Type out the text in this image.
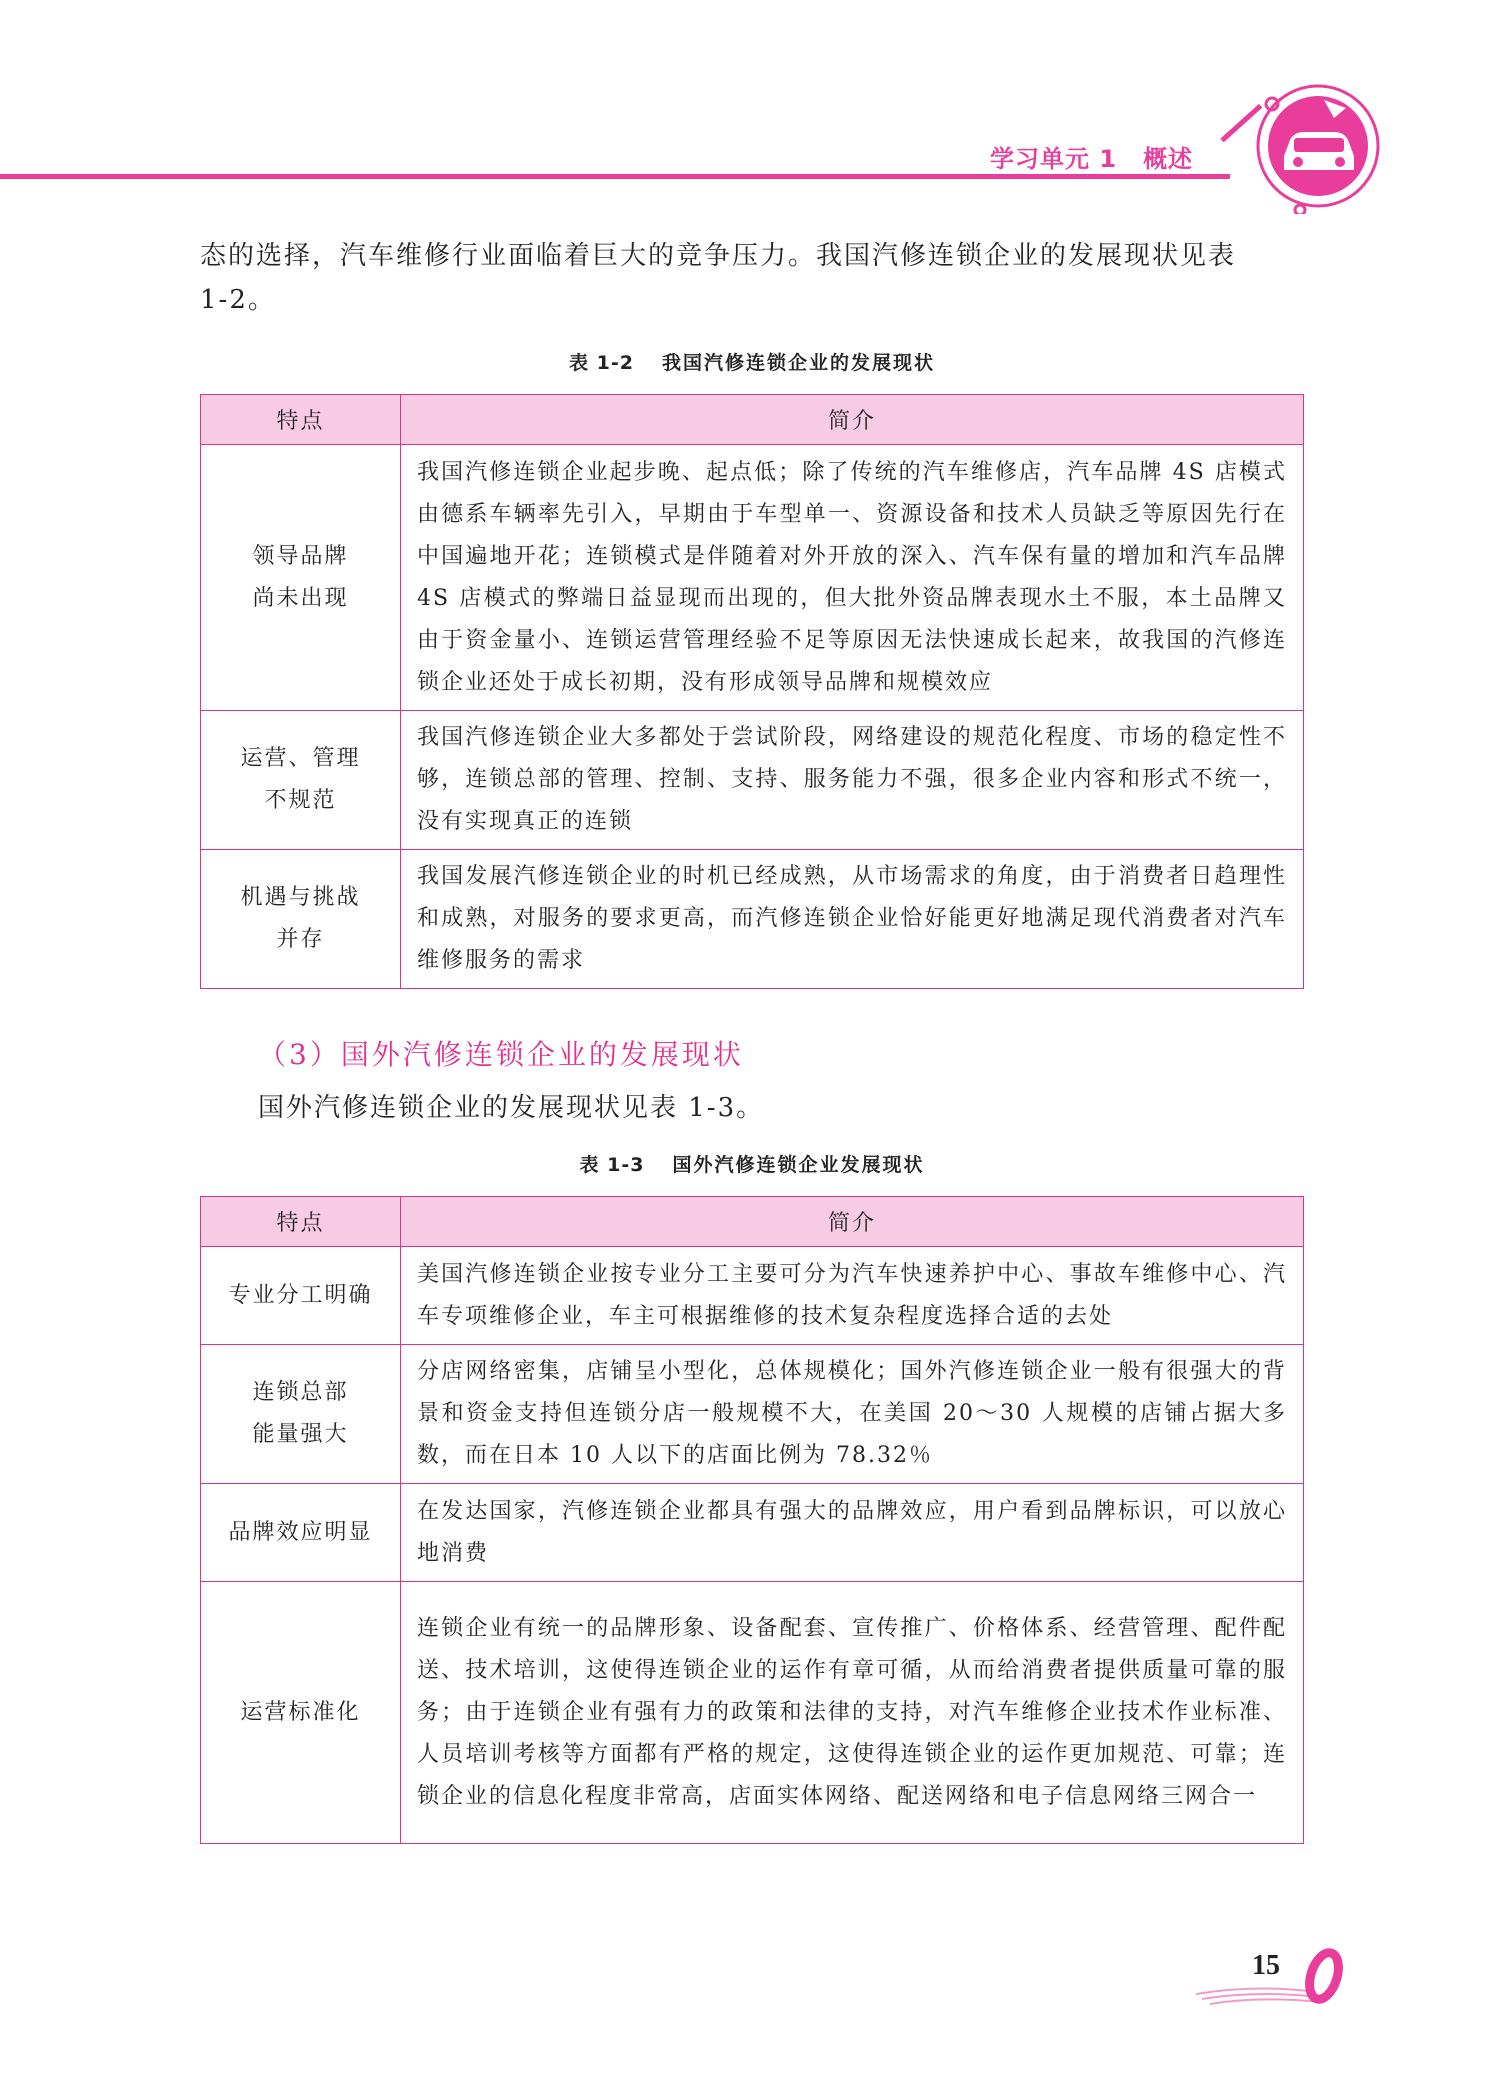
学习单元 1 概述

态的选择，汽车维修行业面临着巨大的竞争压力。我国汽修连锁企业的发展现状见表
1-2。

表 1-2 我国汽修连锁企业的发展现状
特点	简介

领导品牌
尚未出现	我国汽修连锁企业起步晚、起点低；除了传统的汽车维修店，汽车品牌 4S 店模式由德系车辆率先引入，早期由于车型单一、资源设备和技术人员缺乏等原因先行在中国遍地开花；连锁模式是伴随着对外开放的深入、汽车保有量的增加和汽车品牌 4S 店模式的弊端日益显现而出现的，但大批外资品牌表现水土不服，本土品牌又由于资金量小、连锁运营管理经验不足等原因无法快速成长起来，故我国的汽修连锁企业还处于成长初期，没有形成领导品牌和规模效应

运营、管理
不规范	我国汽修连锁企业大多都处于尝试阶段，网络建设的规范化程度、市场的稳定性不够，连锁总部的管理、控制、支持、服务能力不强，很多企业内容和形式不统一，没有实现真正的连锁

机遇与挑战
并存	我国发展汽修连锁企业的时机已经成熟，从市场需求的角度，由于消费者日趋理性和成熟，对服务的要求更高，而汽修连锁企业恰好能更好地满足现代消费者对汽车维修服务的需求
（3）国外汽修连锁企业的发展现状

国外汽修连锁企业的发展现状见表 1-3。

表 1-3 国外汽修连锁企业发展现状
特点	简介

专业分工明确	美国汽修连锁企业按专业分工主要可分为汽车快速养护中心、事故车维修中心、汽车专项维修企业，车主可根据维修的技术复杂程度选择合适的去处

连锁总部
能量强大	分店网络密集，店铺呈小型化，总体规模化；国外汽修连锁企业一般有很强大的背景和资金支持但连锁分店一般规模不大，在美国 20～30 人规模的店铺占据大多数，而在日本 10 人以下的店面比例为 78.32％

品牌效应明显	在发达国家，汽修连锁企业都具有强大的品牌效应，用户看到品牌标识，可以放心地消费

运营标准化	连锁企业有统一的品牌形象、设备配套、宣传推广、价格体系、经营管理、配件配送、技术培训，这使得连锁企业的运作有章可循，从而给消费者提供质量可靠的服务；由于连锁企业有强有力的政策和法律的支持，对汽车维修企业技术作业标准、人员培训考核等方面都有严格的规定，这使得连锁企业的运作更加规范、可靠；连锁企业的信息化程度非常高，店面实体网络、配送网络和电子信息网络三网合一
15
